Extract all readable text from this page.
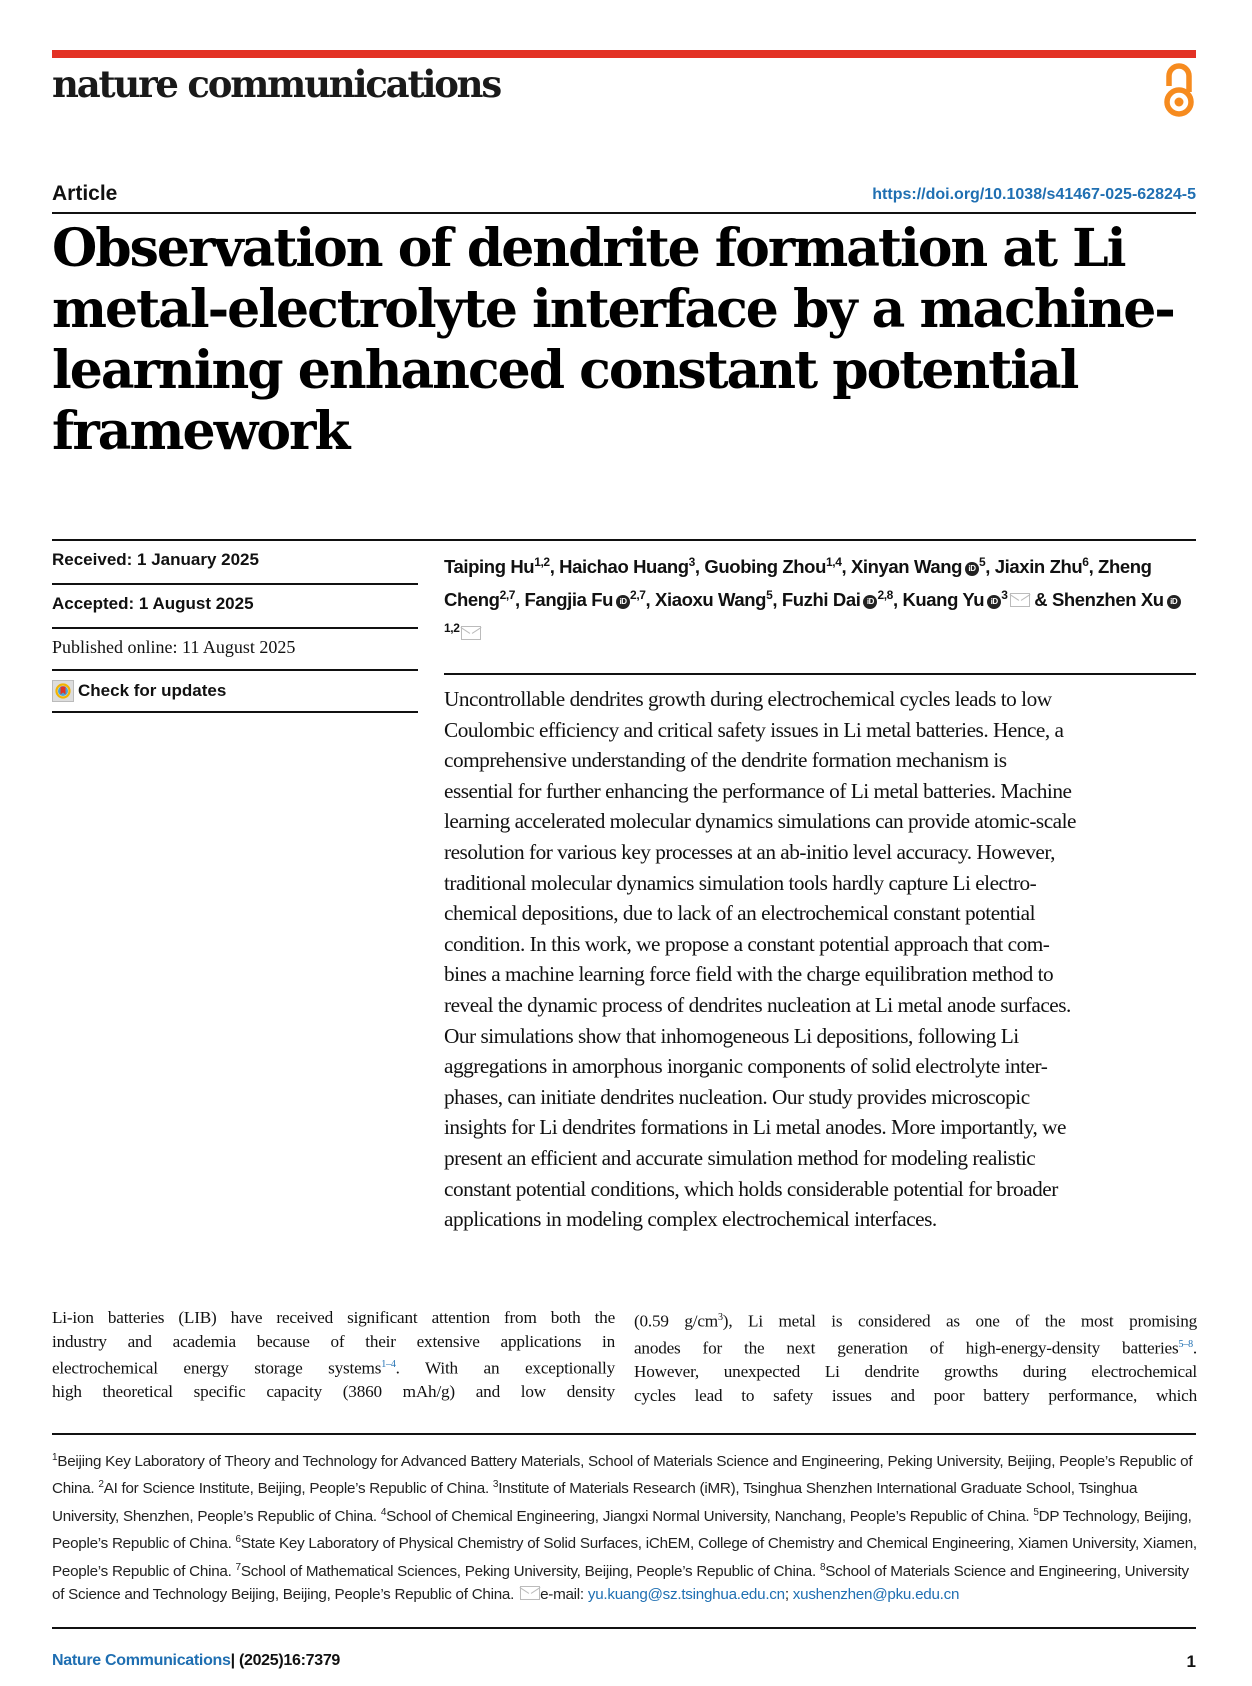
nature communications
Article	https://doi.org/10.1038/s41467-025-62824-5
Observation of dendrite formation at Li metal-electrolyte interface by a machine-learning enhanced constant potential framework
Received: 1 January 2025
Accepted: 1 August 2025
Published online: 11 August 2025
Check for updates
Taiping Hu$^{1,2}$, Haichao Huang$^3$, Guobing Zhou$^{1,4}$, Xinyan Wang iD $^5$, Jiaxin Zhu$^6$, Zheng Cheng$^{2,7}$, Fangjia Fu iD $^{2,7}$, Xiaoxu Wang$^5$, Fuzhi Dai iD $^{2,8}$, Kuang Yu iD $^3$ & Shenzhen Xu iD$^{1,2}$
Uncontrollable dendrites growth during electrochemical cycles leads to low
Coulombic efficiency and critical safety issues in Li metal batteries. Hence, a
comprehensive understanding of the dendrite formation mechanism is
essential for further enhancing the performance of Li metal batteries. Machine
learning accelerated molecular dynamics simulations can provide atomic-scale
resolution for various key processes at an ab-initio level accuracy. However,
traditional molecular dynamics simulation tools hardly capture Li electro-
chemical depositions, due to lack of an electrochemical constant potential
condition. In this work, we propose a constant potential approach that com-
bines a machine learning force field with the charge equilibration method to
reveal the dynamic process of dendrites nucleation at Li metal anode surfaces.
Our simulations show that inhomogeneous Li depositions, following Li
aggregations in amorphous inorganic components of solid electrolyte inter-
phases, can initiate dendrites nucleation. Our study provides microscopic
insights for Li dendrites formations in Li metal anodes. More importantly, we
present an efficient and accurate simulation method for modeling realistic
constant potential conditions, which holds considerable potential for broader
applications in modeling complex electrochemical interfaces.
Li-ion batteries (LIB) have received significant attention from both the
industry and academia because of their extensive applications in
electrochemical energy storage systems$^{1-4}$. With an exceptionally
high theoretical specific capacity (3860 mAh/g) and low density
(0.59 $g/cm^3$), Li metal is considered as one of the most promising
anodes for the next generation of high-energy-density batteries$^{5-8}$.
However, unexpected Li dendrite growths during electrochemical
cycles lead to safety issues and poor battery performance, which
$^1$Beijing Key Laboratory of Theory and Technology for Advanced Battery Materials, School of Materials Science and Engineering, Peking University, Beijing, People’s Republic of China. $^2$AI for Science Institute, Beijing, People’s Republic of China. $^3$Institute of Materials Research (iMR), Tsinghua Shenzhen International Graduate School, Tsinghua University, Shenzhen, People’s Republic of China. $^4$School of Chemical Engineering, Jiangxi Normal University, Nanchang, People’s Republic of China. $^5$DP Technology, Beijing, People’s Republic of China. $^6$State Key Laboratory of Physical Chemistry of Solid Surfaces, iChEM, College of Chemistry and Chemical Engineering, Xiamen University, Xiamen, People’s Republic of China. $^7$School of Mathematical Sciences, Peking University, Beijing, People’s Republic of China. $^8$School of Materials Science and Engineering, University of Science and Technology Beijing, Beijing, People’s Republic of China. e-mail: yu.kuang@sz.tsinghua.edu.cn; xushenzhen@pku.edu.cn
Nature Communications| (2025)16:7379	1
